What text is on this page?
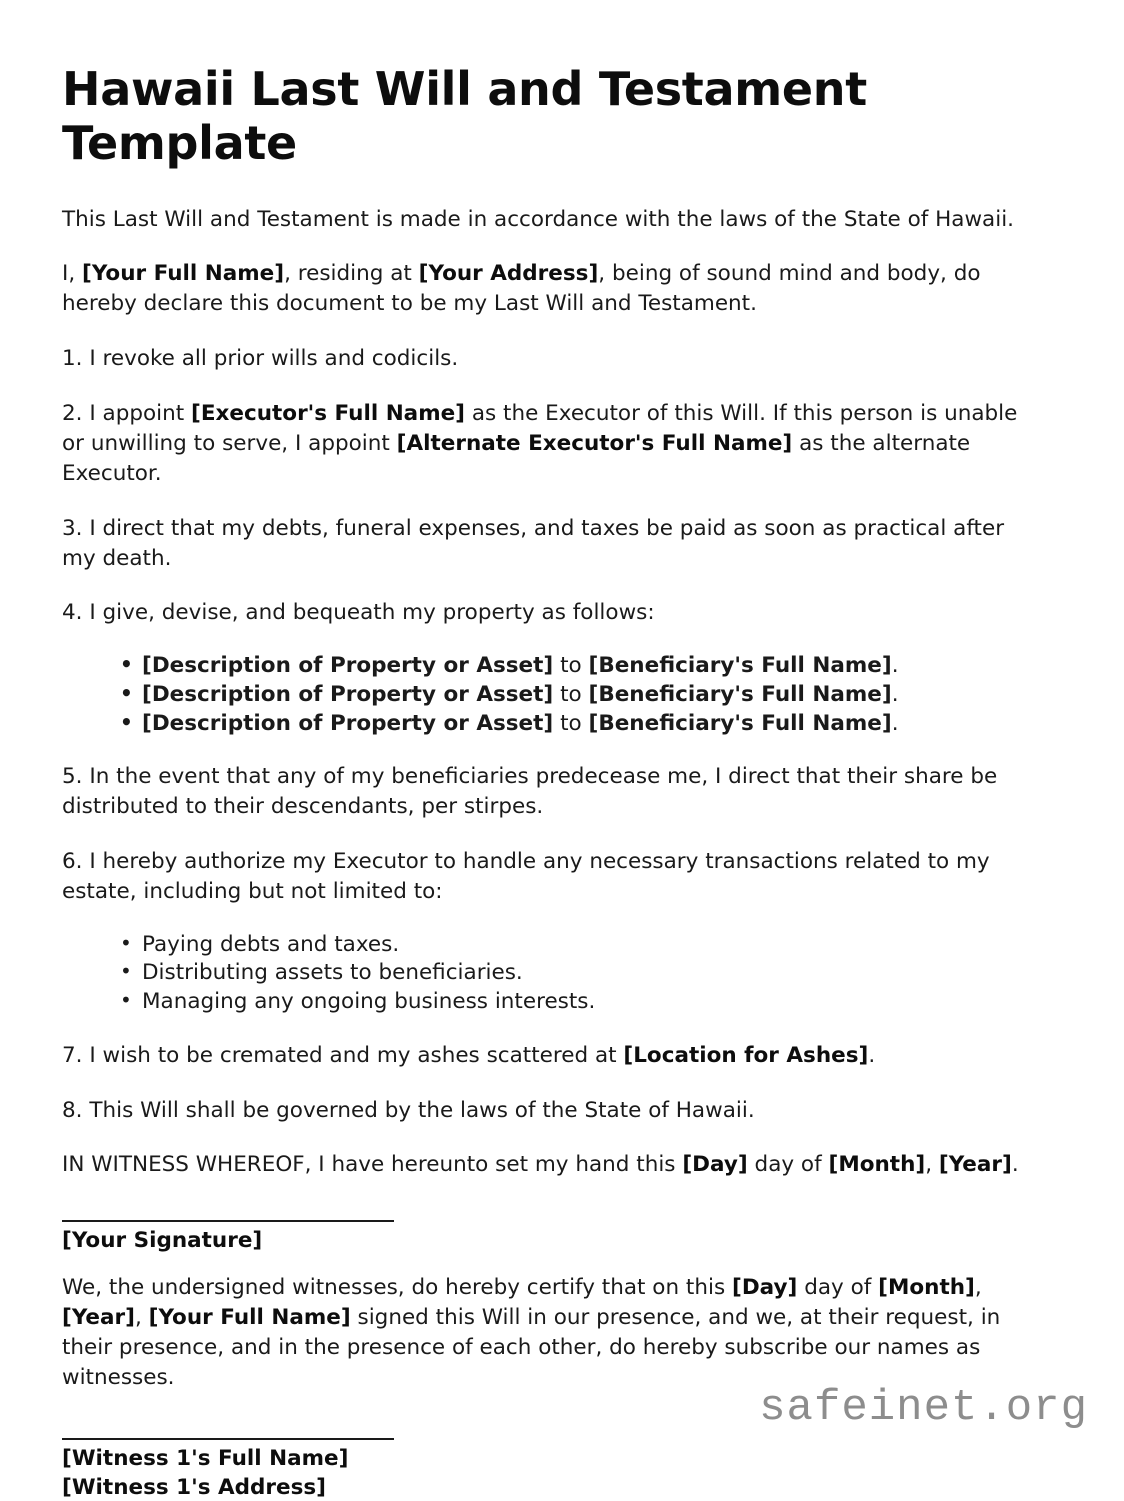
Hawaii Last Will and Testament Template

This Last Will and Testament is made in accordance with the laws of the State of Hawaii.

I, [Your Full Name], residing at [Your Address], being of sound mind and body, do hereby declare this document to be my Last Will and Testament.

1. I revoke all prior wills and codicils.

2. I appoint [Executor's Full Name] as the Executor of this Will. If this person is unable or unwilling to serve, I appoint [Alternate Executor's Full Name] as the alternate Executor.

3. I direct that my debts, funeral expenses, and taxes be paid as soon as practical after my death.

4. I give, devise, and bequeath my property as follows:

• [Description of Property or Asset] to [Beneficiary's Full Name].
• [Description of Property or Asset] to [Beneficiary's Full Name].
• [Description of Property or Asset] to [Beneficiary's Full Name].

5. In the event that any of my beneficiaries predecease me, I direct that their share be distributed to their descendants, per stirpes.

6. I hereby authorize my Executor to handle any necessary transactions related to my estate, including but not limited to:

• Paying debts and taxes.
• Distributing assets to beneficiaries.
• Managing any ongoing business interests.

7. I wish to be cremated and my ashes scattered at [Location for Ashes].

8. This Will shall be governed by the laws of the State of Hawaii.

IN WITNESS WHEREOF, I have hereunto set my hand this [Day] day of [Month], [Year].

[Your Signature]

We, the undersigned witnesses, do hereby certify that on this [Day] day of [Month], [Year], [Your Full Name] signed this Will in our presence, and we, at their request, in their presence, and in the presence of each other, do hereby subscribe our names as witnesses.

[Witness 1's Full Name]

[Witness 1's Address]

safeinet.org
